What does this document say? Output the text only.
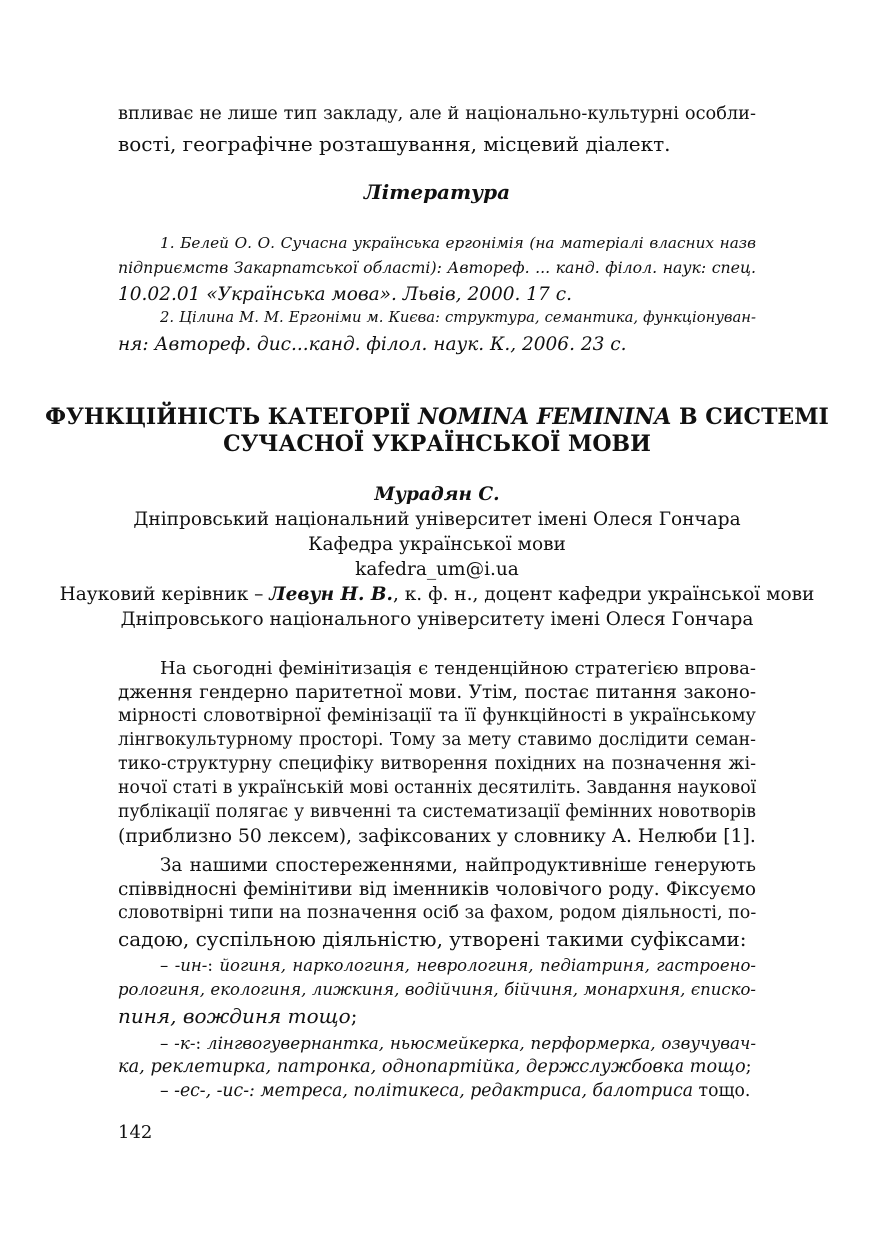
впливає не лише тип закладу, але й національно-культурні особли-

вості, географічне розташування, місцевий діалект.

Література

1. Белей О. О. Сучасна українська ергонімія (на матеріалі власних назв

підприємств Закарпатської області): Автореф. ... канд. філол. наук: спец.

10.02.01 «Українська мова». Львів, 2000. 17 с.

2. Цілина М. М. Ергоніми м. Києва: структура, семантика, функціонуван-

ня: Автореф. дис...канд. філол. наук. К., 2006. 23 с.

ФУНКЦІЙНІСТЬ КАТЕГОРІЇ NOMINA FEMININA В СИСТЕМІ

СУЧАСНОЇ УКРАЇНСЬКОЇ МОВИ

Мурадян С.

Дніпровський національний університет імені Олеся Гончара

Кафедра української мови

kafedra_um@i.ua

Науковий керівник – Левун Н. В., к. ф. н., доцент кафедри української мови

Дніпровського національного університету імені Олеся Гончара

На сьогодні фемінітизація є тенденційною стратегією впрова-

дження гендерно паритетної мови. Утім, постає питання законо-

мірності словотвірної фемінізації та її функційності в українському

лінгвокультурному просторі. Тому за мету ставимо дослідити семан-

тико-структурну специфіку витворення похідних на позначення жі-

ночої статі в українській мові останніх десятиліть. Завдання наукової

публікації полягає у вивченні та систематизації фемінних новотворів

(приблизно 50 лексем), зафіксованих у словнику А. Нелюби [1].

За нашими спостереженнями, найпродуктивніше генерують

співвідносні фемінітиви від іменників чоловічого роду. Фіксуємо

словотвірні типи на позначення осіб за фахом, родом діяльності, по-

садою, суспільною діяльністю, утворені такими суфіксами:

– -ин-: йогиня, наркологиня, неврологиня, педіатриня, гастроено-

рологиня, екологиня, лижкиня, водійчиня, бійчиня, монархиня, єписко-

пиня, вождиня тощо;

– -к-: лінгвогувернантка, ньюсмейкерка, перформерка, озвучувач-

ка, реклетирка, патронка, однопартійка, держслужбовка тощо;

– -ес-, -ис-: метреса, політикеса, редактриса, балотриса тощо.

142
